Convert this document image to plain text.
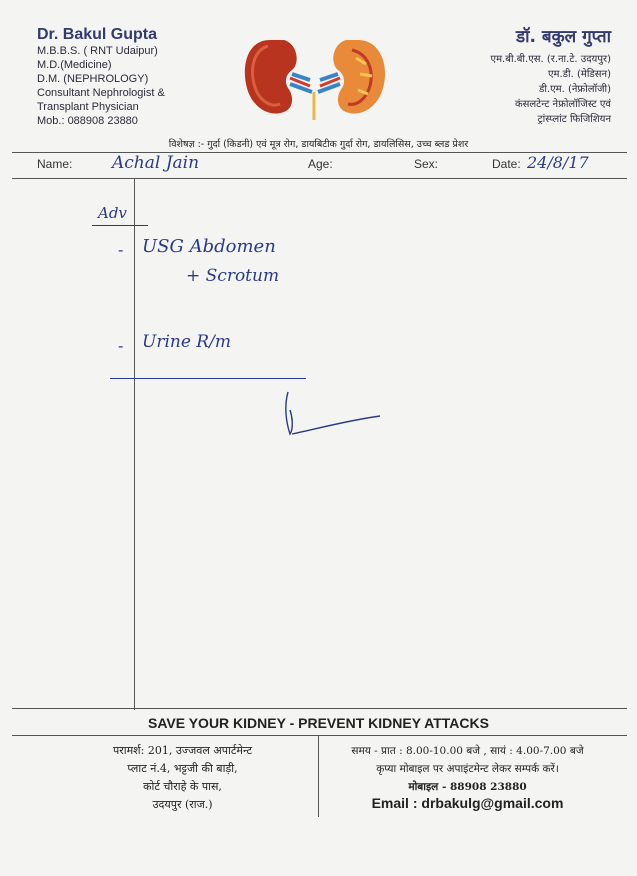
Dr. Bakul Gupta
M.B.B.S. ( RNT Udaipur)
M.D.(Medicine)
D.M. (NEPHROLOGY)
Consultant Nephrologist &
Transplant Physician
Mob.: 088908 23880
डॉ. बकुल गुप्ता
एम.बी.बी.एस. (र.ना.टे. उदयपुर)
एम.डी. (मेडिसन)
डी.एम. (नेफ्रोलॉजी)
कंसलटेन्ट नेफ्रोलॉजिस्ट एवं
ट्रांस्प्लांट फिजिशियन
विशेषज्ञ :- गुर्दा (किडनी) एवं मूत्र रोग, डायबिटीक गुर्दा रोग, डायलिसिस, उच्च ब्लड प्रेशर
Name: Achal Jain	Age:	Sex:	Date: 24/8/17
Adv
- USG Abdomen
+ Scrotum
- Urine R/m
SAVE YOUR KIDNEY - PREVENT KIDNEY ATTACKS
परामर्श: 201, उज्जवल अपार्टमेन्ट
प्लाट नं.4, भट्टजी की बाड़ी,
कोर्ट चौराहे के पास,
उदयपुर (राज.)
समय - प्रात : 8.00-10.00 बजे , सायं : 4.00-7.00 बजे
कृप्या मोबाइल पर अपाइंटमेन्ट लेकर सम्पर्क करें।
मोबाइल - 88908 23880
Email : drbakulg@gmail.com
